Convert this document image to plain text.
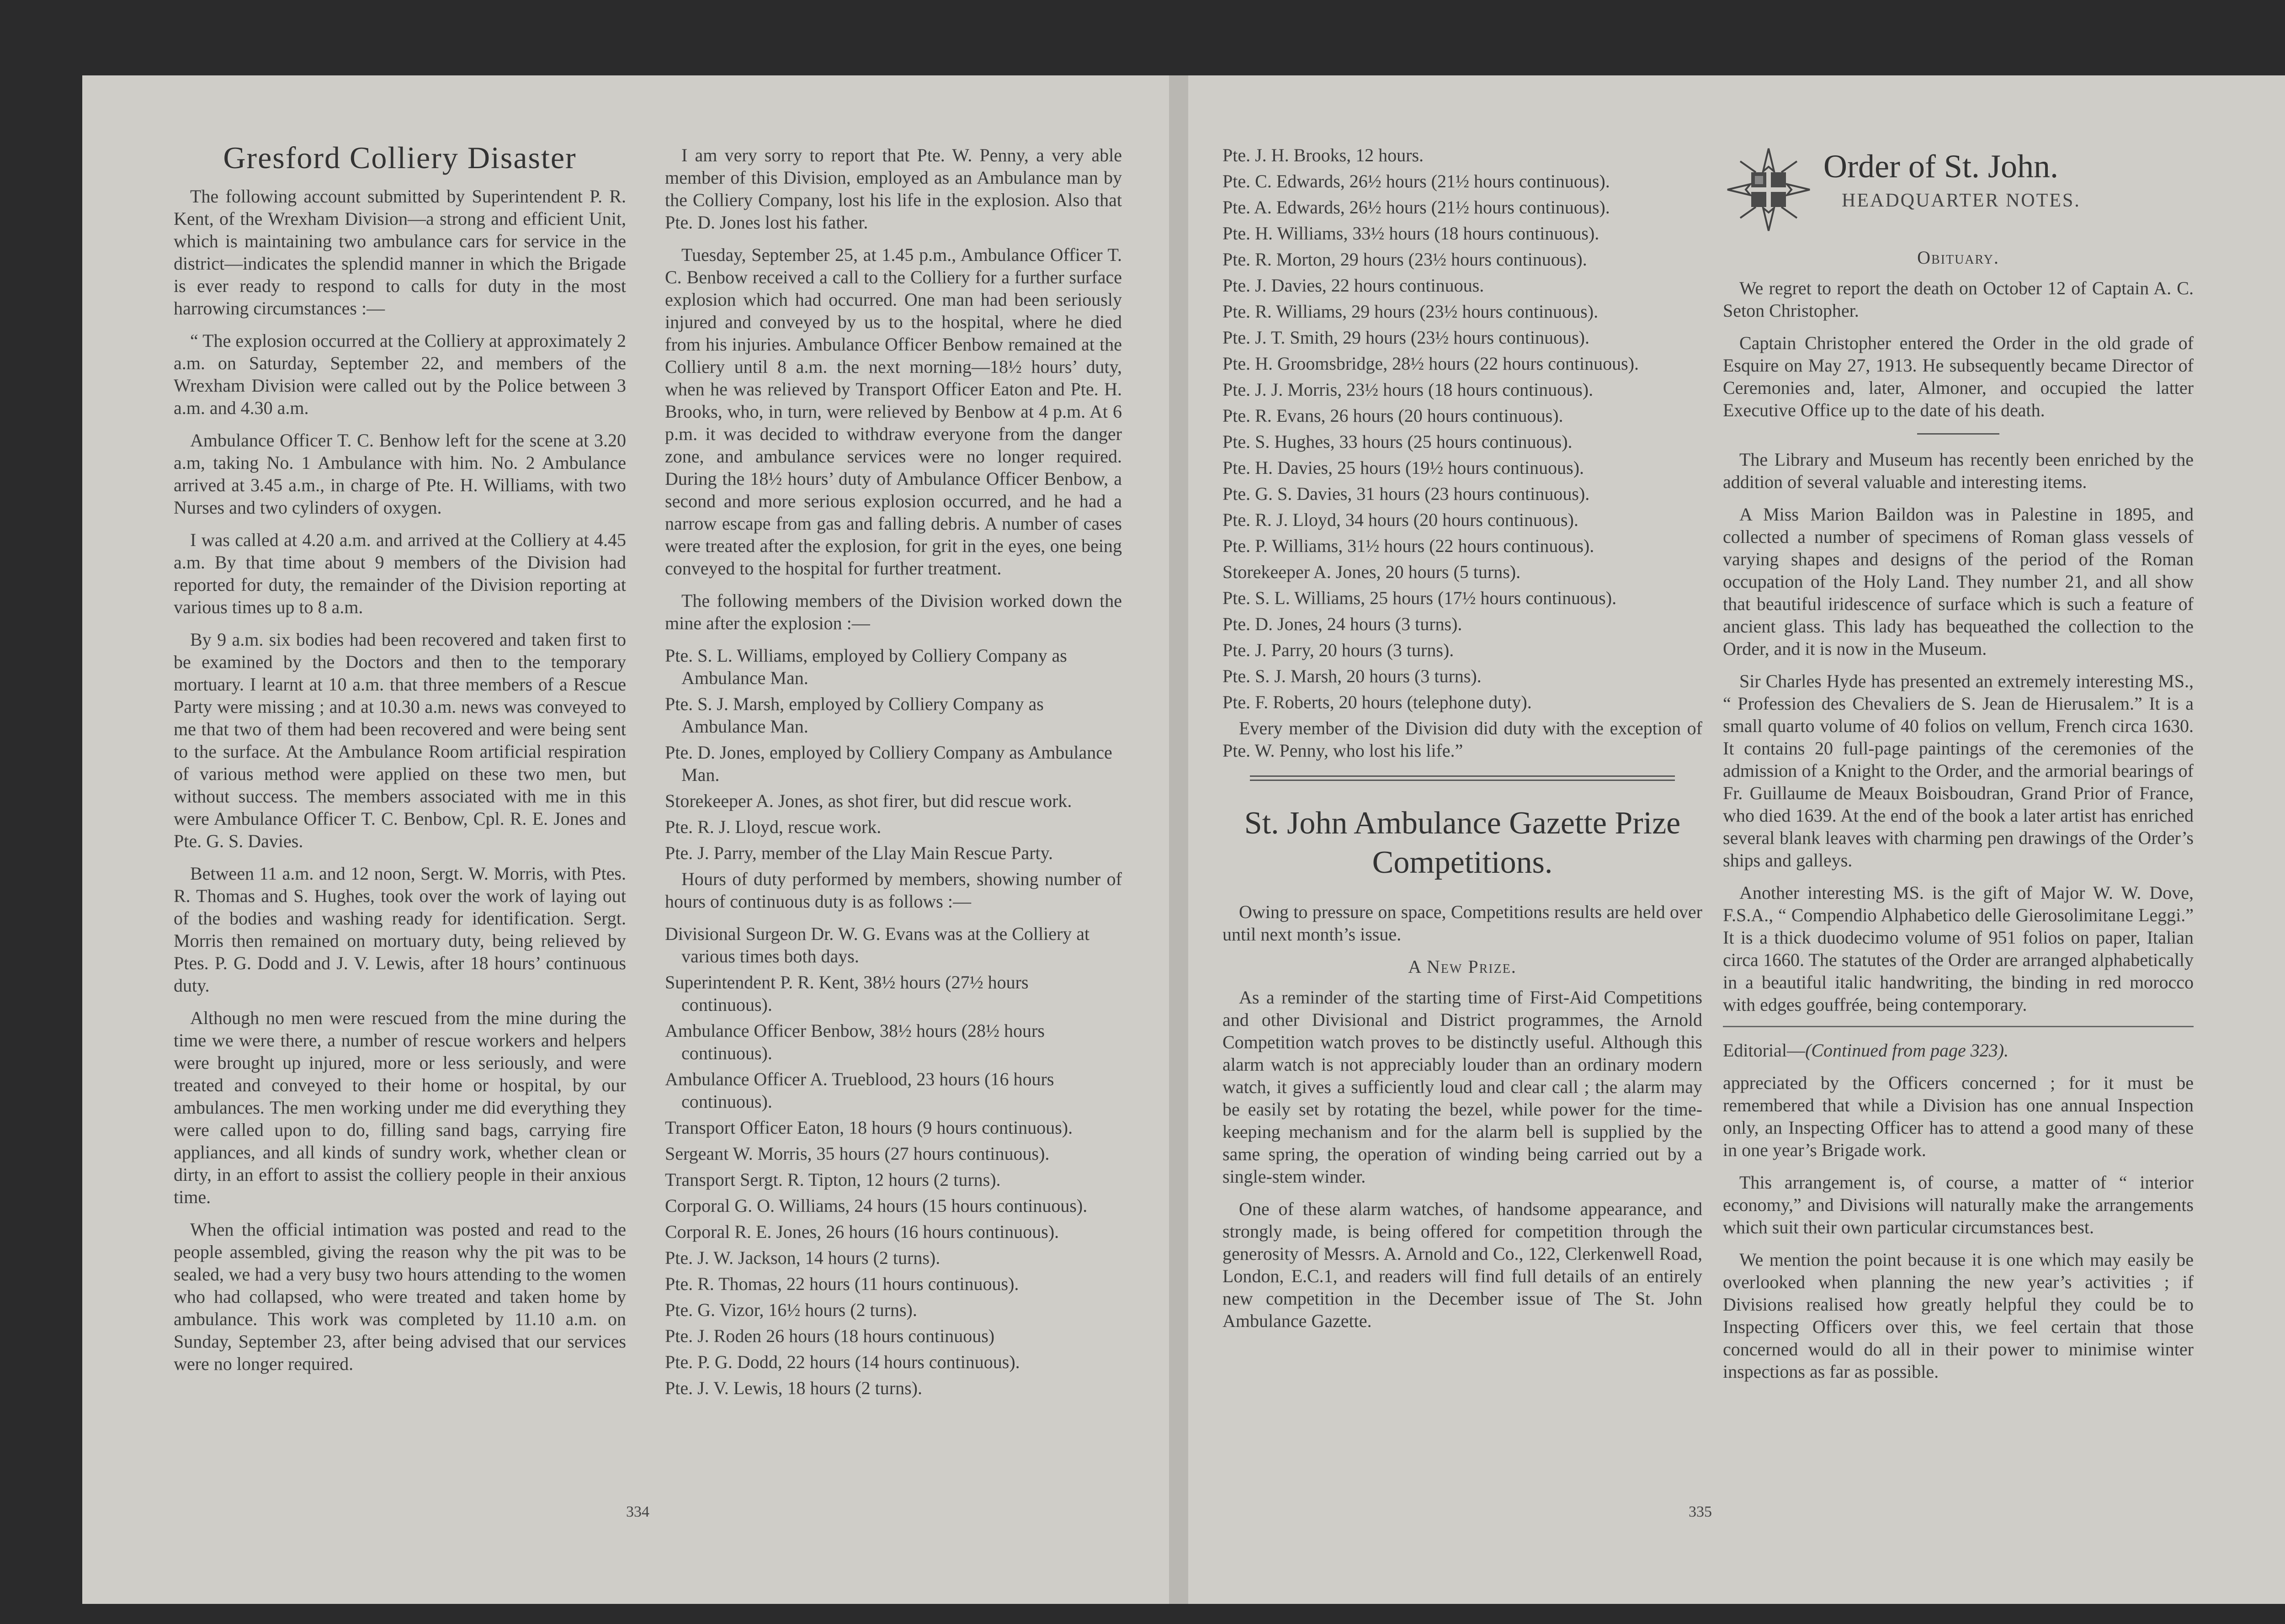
Gresford Colliery Disaster

The following account submitted by Superintendent P. R. Kent, of the Wrexham Division—a strong and efficient Unit, which is maintaining two ambulance cars for service in the district—indicates the splendid manner in which the Brigade is ever ready to respond to calls for duty in the most harrowing circumstances :—

“ The explosion occurred at the Colliery at approximately 2 a.m. on Saturday, September 22, and members of the Wrexham Division were called out by the Police between 3 a.m. and 4.30 a.m.

Ambulance Officer T. C. Benhow left for the scene at 3.20 a.m, taking No. 1 Ambulance with him. No. 2 Ambulance arrived at 3.45 a.m., in charge of Pte. H. Williams, with two Nurses and two cylinders of oxygen.

I was called at 4.20 a.m. and arrived at the Colliery at 4.45 a.m. By that time about 9 members of the Division had reported for duty, the remainder of the Division reporting at various times up to 8 a.m.

By 9 a.m. six bodies had been recovered and taken first to be examined by the Doctors and then to the temporary mortuary. I learnt at 10 a.m. that three members of a Rescue Party were missing ; and at 10.30 a.m. news was conveyed to me that two of them had been recovered and were being sent to the surface. At the Ambulance Room artificial respiration of various method were applied on these two men, but without success. The members associated with me in this were Ambulance Officer T. C. Benbow, Cpl. R. E. Jones and Pte. G. S. Davies.

Between 11 a.m. and 12 noon, Sergt. W. Morris, with Ptes. R. Thomas and S. Hughes, took over the work of laying out of the bodies and washing ready for identification. Sergt. Morris then remained on mortuary duty, being relieved by Ptes. P. G. Dodd and J. V. Lewis, after 18 hours’ continuous duty.

Although no men were rescued from the mine during the time we were there, a number of rescue workers and helpers were brought up injured, more or less seriously, and were treated and conveyed to their home or hospital, by our ambulances. The men working under me did everything they were called upon to do, filling sand bags, carrying fire appliances, and all kinds of sundry work, whether clean or dirty, in an effort to assist the colliery people in their anxious time.

When the official intimation was posted and read to the people assembled, giving the reason why the pit was to be sealed, we had a very busy two hours attending to the women who had collapsed, who were treated and taken home by ambulance. This work was completed by 11.10 a.m. on Sunday, September 23, after being advised that our services were no longer required.

I am very sorry to report that Pte. W. Penny, a very able member of this Division, employed as an Ambulance man by the Colliery Company, lost his life in the explosion. Also that Pte. D. Jones lost his father.

Tuesday, September 25, at 1.45 p.m., Ambulance Officer T. C. Benbow received a call to the Colliery for a further surface explosion which had occurred. One man had been seriously injured and conveyed by us to the hospital, where he died from his injuries. Ambulance Officer Benbow remained at the Colliery until 8 a.m. the next morning—18½ hours’ duty, when he was relieved by Transport Officer Eaton and Pte. H. Brooks, who, in turn, were relieved by Benbow at 4 p.m. At 6 p.m. it was decided to withdraw everyone from the danger zone, and ambulance services were no longer required. During the 18½ hours’ duty of Ambulance Officer Benbow, a second and more serious explosion occurred, and he had a narrow escape from gas and falling debris. A number of cases were treated after the explosion, for grit in the eyes, one being conveyed to the hospital for further treatment.

The following members of the Division worked down the mine after the explosion :—

Pte. S. L. Williams, employed by Colliery Company as Ambulance Man.
Pte. S. J. Marsh, employed by Colliery Company as Ambulance Man.
Pte. D. Jones, employed by Colliery Company as Ambulance Man.
Storekeeper A. Jones, as shot firer, but did rescue work.
Pte. R. J. Lloyd, rescue work.
Pte. J. Parry, member of the Llay Main Rescue Party.

Hours of duty performed by members, showing number of hours of continuous duty is as follows :—

Divisional Surgeon Dr. W. G. Evans was at the Colliery at various times both days.
Superintendent P. R. Kent, 38½ hours (27½ hours continuous).
Ambulance Officer Benbow, 38½ hours (28½ hours continuous).
Ambulance Officer A. Trueblood, 23 hours (16 hours continuous).
Transport Officer Eaton, 18 hours (9 hours continuous).
Sergeant W. Morris, 35 hours (27 hours continuous).
Transport Sergt. R. Tipton, 12 hours (2 turns).
Corporal G. O. Williams, 24 hours (15 hours continuous).
Corporal R. E. Jones, 26 hours (16 hours continuous).
Pte. J. W. Jackson, 14 hours (2 turns).
Pte. R. Thomas, 22 hours (11 hours continuous).
Pte. G. Vizor, 16½ hours (2 turns).
Pte. J. Roden 26 hours (18 hours continuous)
Pte. P. G. Dodd, 22 hours (14 hours continuous).
Pte. J. V. Lewis, 18 hours (2 turns).
334
Pte. J. H. Brooks, 12 hours.
Pte. C. Edwards, 26½ hours (21½ hours continuous).
Pte. A. Edwards, 26½ hours (21½ hours continuous).
Pte. H. Williams, 33½ hours (18 hours continuous).
Pte. R. Morton, 29 hours (23½ hours continuous).
Pte. J. Davies, 22 hours continuous.
Pte. R. Williams, 29 hours (23½ hours continuous).
Pte. J. T. Smith, 29 hours (23½ hours continuous).
Pte. H. Groomsbridge, 28½ hours (22 hours continuous).
Pte. J. J. Morris, 23½ hours (18 hours continuous).
Pte. R. Evans, 26 hours (20 hours continuous).
Pte. S. Hughes, 33 hours (25 hours continuous).
Pte. H. Davies, 25 hours (19½ hours continuous).
Pte. G. S. Davies, 31 hours (23 hours continuous).
Pte. R. J. Lloyd, 34 hours (20 hours continuous).
Pte. P. Williams, 31½ hours (22 hours continuous).
Storekeeper A. Jones, 20 hours (5 turns).
Pte. S. L. Williams, 25 hours (17½ hours continuous).
Pte. D. Jones, 24 hours (3 turns).
Pte. J. Parry, 20 hours (3 turns).
Pte. S. J. Marsh, 20 hours (3 turns).
Pte. F. Roberts, 20 hours (telephone duty).

Every member of the Division did duty with the exception of Pte. W. Penny, who lost his life.”

St. John Ambulance Gazette Prize Competitions.

Owing to pressure on space, Competitions results are held over until next month’s issue.

A New Prize.

As a reminder of the starting time of First-Aid Competitions and other Divisional and District programmes, the Arnold Competition watch proves to be distinctly useful. Although this alarm watch is not appreciably louder than an ordinary modern watch, it gives a sufficiently loud and clear call ; the alarm may be easily set by rotating the bezel, while power for the time-keeping mechanism and for the alarm bell is supplied by the same spring, the operation of winding being carried out by a single-stem winder.

One of these alarm watches, of handsome appearance, and strongly made, is being offered for competition through the generosity of Messrs. A. Arnold and Co., 122, Clerkenwell Road, London, E.C.1, and readers will find full details of an entirely new competition in the December issue of The St. John Ambulance Gazette.

Order of St. John.
HEADQUARTER NOTES.
Obituary.

We regret to report the death on October 12 of Captain A. C. Seton Christopher.

Captain Christopher entered the Order in the old grade of Esquire on May 27, 1913. He subsequently became Director of Ceremonies and, later, Almoner, and occupied the latter Executive Office up to the date of his death.

The Library and Museum has recently been enriched by the addition of several valuable and interesting items.

A Miss Marion Baildon was in Palestine in 1895, and collected a number of specimens of Roman glass vessels of varying shapes and designs of the period of the Roman occupation of the Holy Land. They number 21, and all show that beautiful iridescence of surface which is such a feature of ancient glass. This lady has bequeathed the collection to the Order, and it is now in the Museum.

Sir Charles Hyde has presented an extremely interesting MS., “ Profession des Chevaliers de S. Jean de Hierusalem.” It is a small quarto volume of 40 folios on vellum, French circa 1630. It contains 20 full-page paintings of the ceremonies of the admission of a Knight to the Order, and the armorial bearings of Fr. Guillaume de Meaux Boisboudran, Grand Prior of France, who died 1639. At the end of the book a later artist has enriched several blank leaves with charming pen drawings of the Order’s ships and galleys.

Another interesting MS. is the gift of Major W. W. Dove, F.S.A., “ Compendio Alphabetico delle Gierosolimitane Leggi.” It is a thick duodecimo volume of 951 folios on paper, Italian circa 1660. The statutes of the Order are arranged alphabetically in a beautiful italic handwriting, the binding in red morocco with edges gouffrée, being contemporary.

Editorial—(Continued from page 323).

appreciated by the Officers concerned ; for it must be remembered that while a Division has one annual Inspection only, an Inspecting Officer has to attend a good many of these in one year’s Brigade work.

This arrangement is, of course, a matter of “ interior economy,” and Divisions will naturally make the arrangements which suit their own particular circumstances best.

We mention the point because it is one which may easily be overlooked when planning the new year’s activities ; if Divisions realised how greatly helpful they could be to Inspecting Officers over this, we feel certain that those concerned would do all in their power to minimise winter inspections as far as possible.

335
